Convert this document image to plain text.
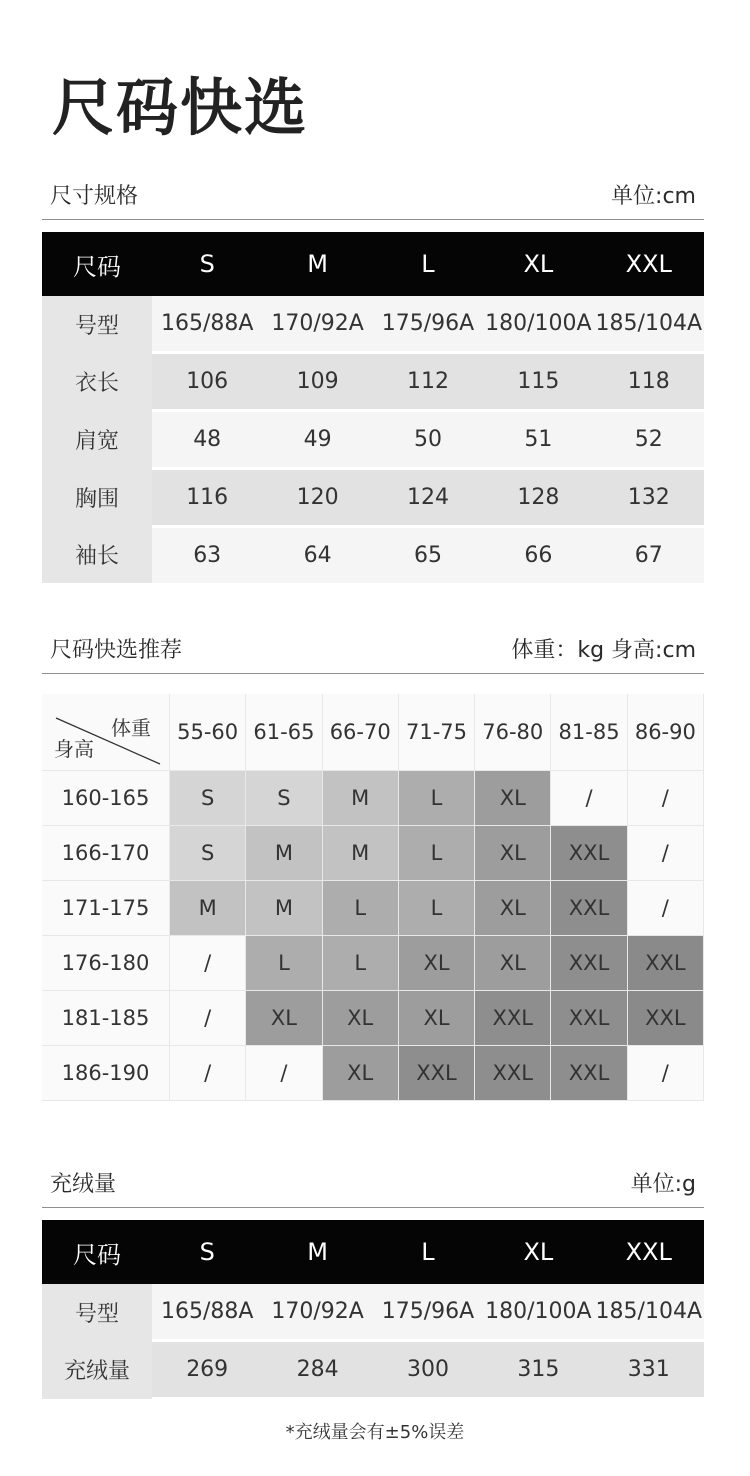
尺码快选
尺寸规格	单位:cm
尺码	S	M	L	XL	XXL
号型	165/88A	170/92A	175/96A	180/100A	185/104A
衣长	106	109	112	115	118
肩宽	48	49	50	51	52
胸围	116	120	124	128	132
袖长	63	64	65	66	67
尺码快选推荐	体重：kg 身高:cm
体重
身高	55-60	61-65	66-70	71-75	76-80	81-85	86-90
160-165	S	S	M	L	XL	/	/
166-170	S	M	M	L	XL	XXL	/
171-175	M	M	L	L	XL	XXL	/
176-180	/	L	L	XL	XL	XXL	XXL
181-185	/	XL	XL	XL	XXL	XXL	XXL
186-190	/	/	XL	XXL	XXL	XXL	/
充绒量	单位:g
尺码	S	M	L	XL	XXL
号型	165/88A	170/92A	175/96A	180/100A	185/104A
充绒量	269	284	300	315	331
*充绒量会有±5%误差
